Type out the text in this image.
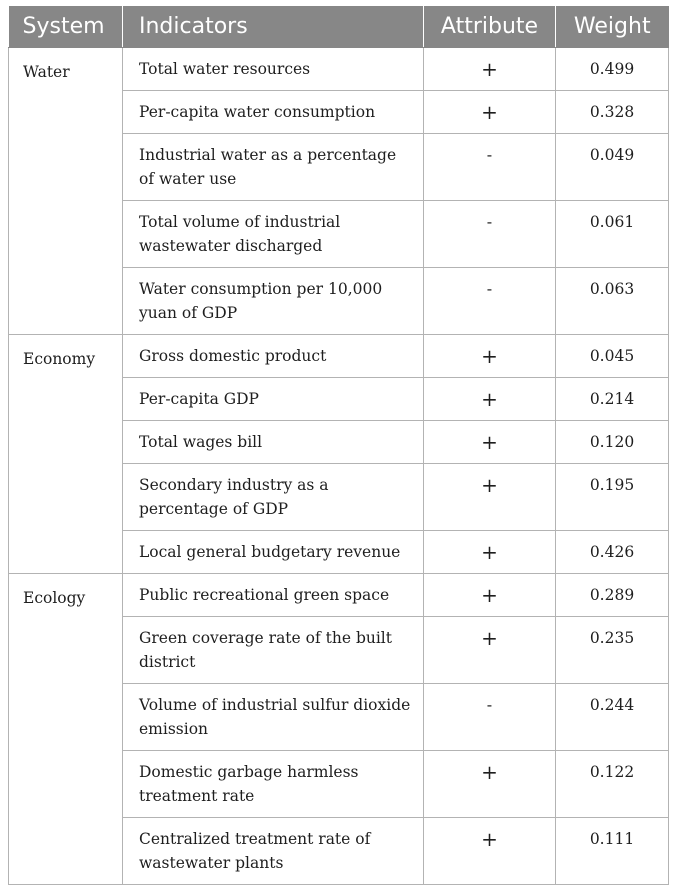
System	Indicators	Attribute	Weight
Water	Total water resources	+	0.499
	Per-capita water consumption	+	0.328
	Industrial water as a percentage of water use	-	0.049
	Total volume of industrial wastewater discharged	-	0.061
	Water consumption per 10,000 yuan of GDP	-	0.063
Economy	Gross domestic product	+	0.045
	Per-capita GDP	+	0.214
	Total wages bill	+	0.120
	Secondary industry as a percentage of GDP	+	0.195
	Local general budgetary revenue	+	0.426
Ecology	Public recreational green space	+	0.289
	Green coverage rate of the built district	+	0.235
	Volume of industrial sulfur dioxide emission	-	0.244
	Domestic garbage harmless treatment rate	+	0.122
	Centralized treatment rate of wastewater plants	+	0.111
